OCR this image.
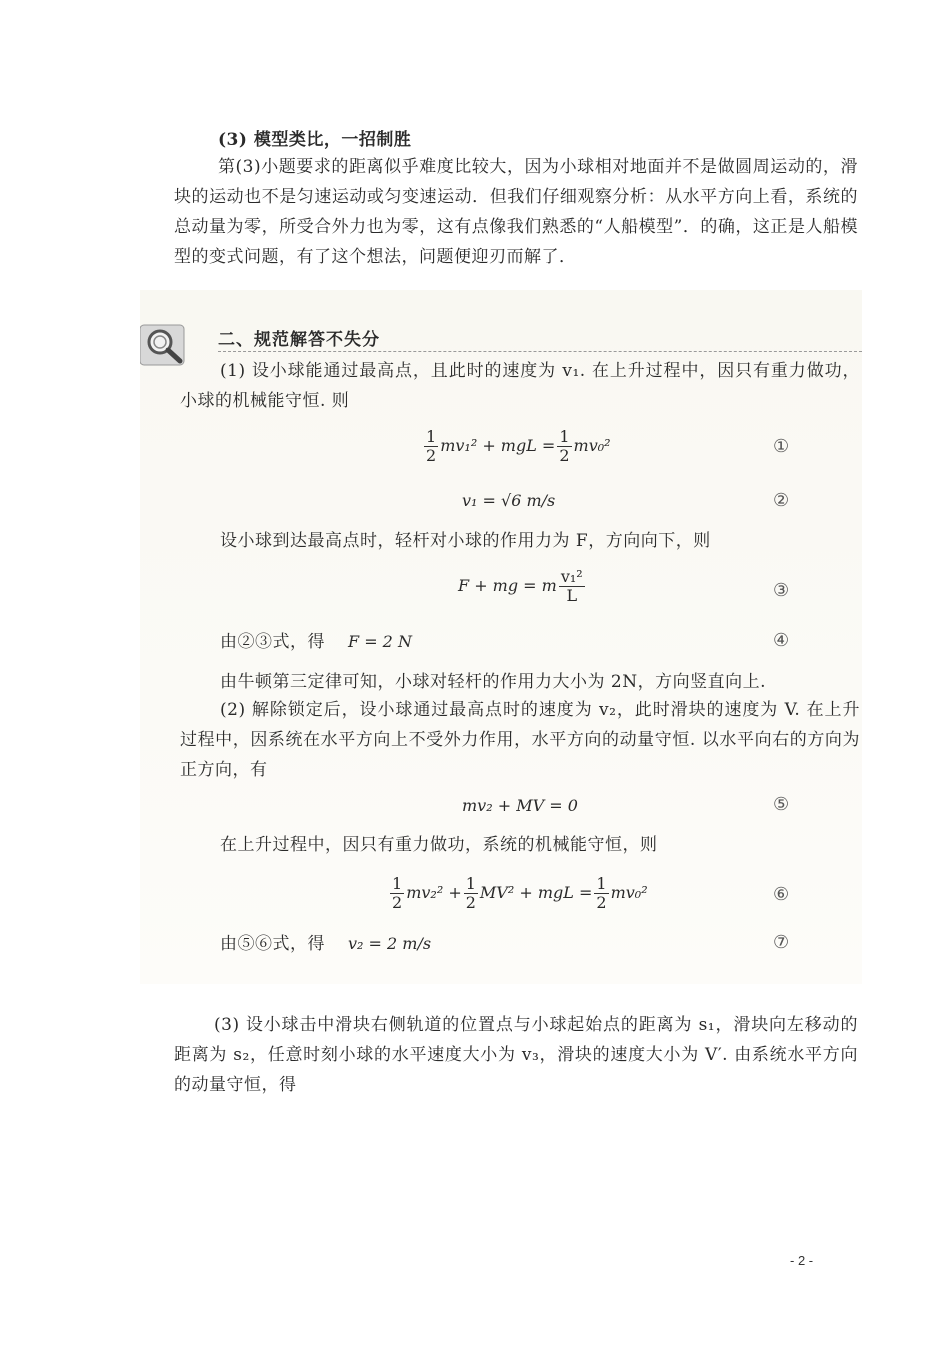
(3) 模型类比，一招制胜
第(3)小题要求的距离似乎难度比较大，因为小球相对地面并不是做圆周运动的，滑块的运动也不是匀速运动或匀变速运动．但我们仔细观察分析：从水平方向上看，系统的总动量为零，所受合外力也为零，这有点像我们熟悉的“人船模型”．的确，这正是人船模型的变式问题，有了这个想法，问题便迎刃而解了．
二、规范解答不失分
(1) 设小球能通过最高点，且此时的速度为 v₁. 在上升过程中，因只有重力做功，小球的机械能守恒. 则
$\frac{1}{2} mv_1^2$ + mgL = $\frac{1}{2} mv_0^2$	①
v₁ = √6 m/s	②
设小球到达最高点时，轻杆对小球的作用力为 F，方向向下，则
F + mg = m $\frac{\text{v₁²}}{L}$	③
由②③式，得 F = 2 N	④
由牛顿第三定律可知，小球对轻杆的作用力大小为 2N，方向竖直向上.
(2) 解除锁定后，设小球通过最高点时的速度为 v₂，此时滑块的速度为 V. 在上升过程中，因系统在水平方向上不受外力作用，水平方向的动量守恒. 以水平向右的方向为正方向，有
mv₂ + MV = 0	⑤
在上升过程中，因只有重力做功，系统的机械能守恒，则
$\frac{1}{2} mv_2^2 + \frac{1}{2} MV^2$ + mgL = $\frac{1}{2} mv_0^2$	⑥
由⑤⑥式，得 v₂ = 2 m/s	⑦
(3) 设小球击中滑块右侧轨道的位置点与小球起始点的距离为 s₁，滑块向左移动的距离为 s₂，任意时刻小球的水平速度大小为 v₃，滑块的速度大小为 V′. 由系统水平方向的动量守恒，得
- 2 -
